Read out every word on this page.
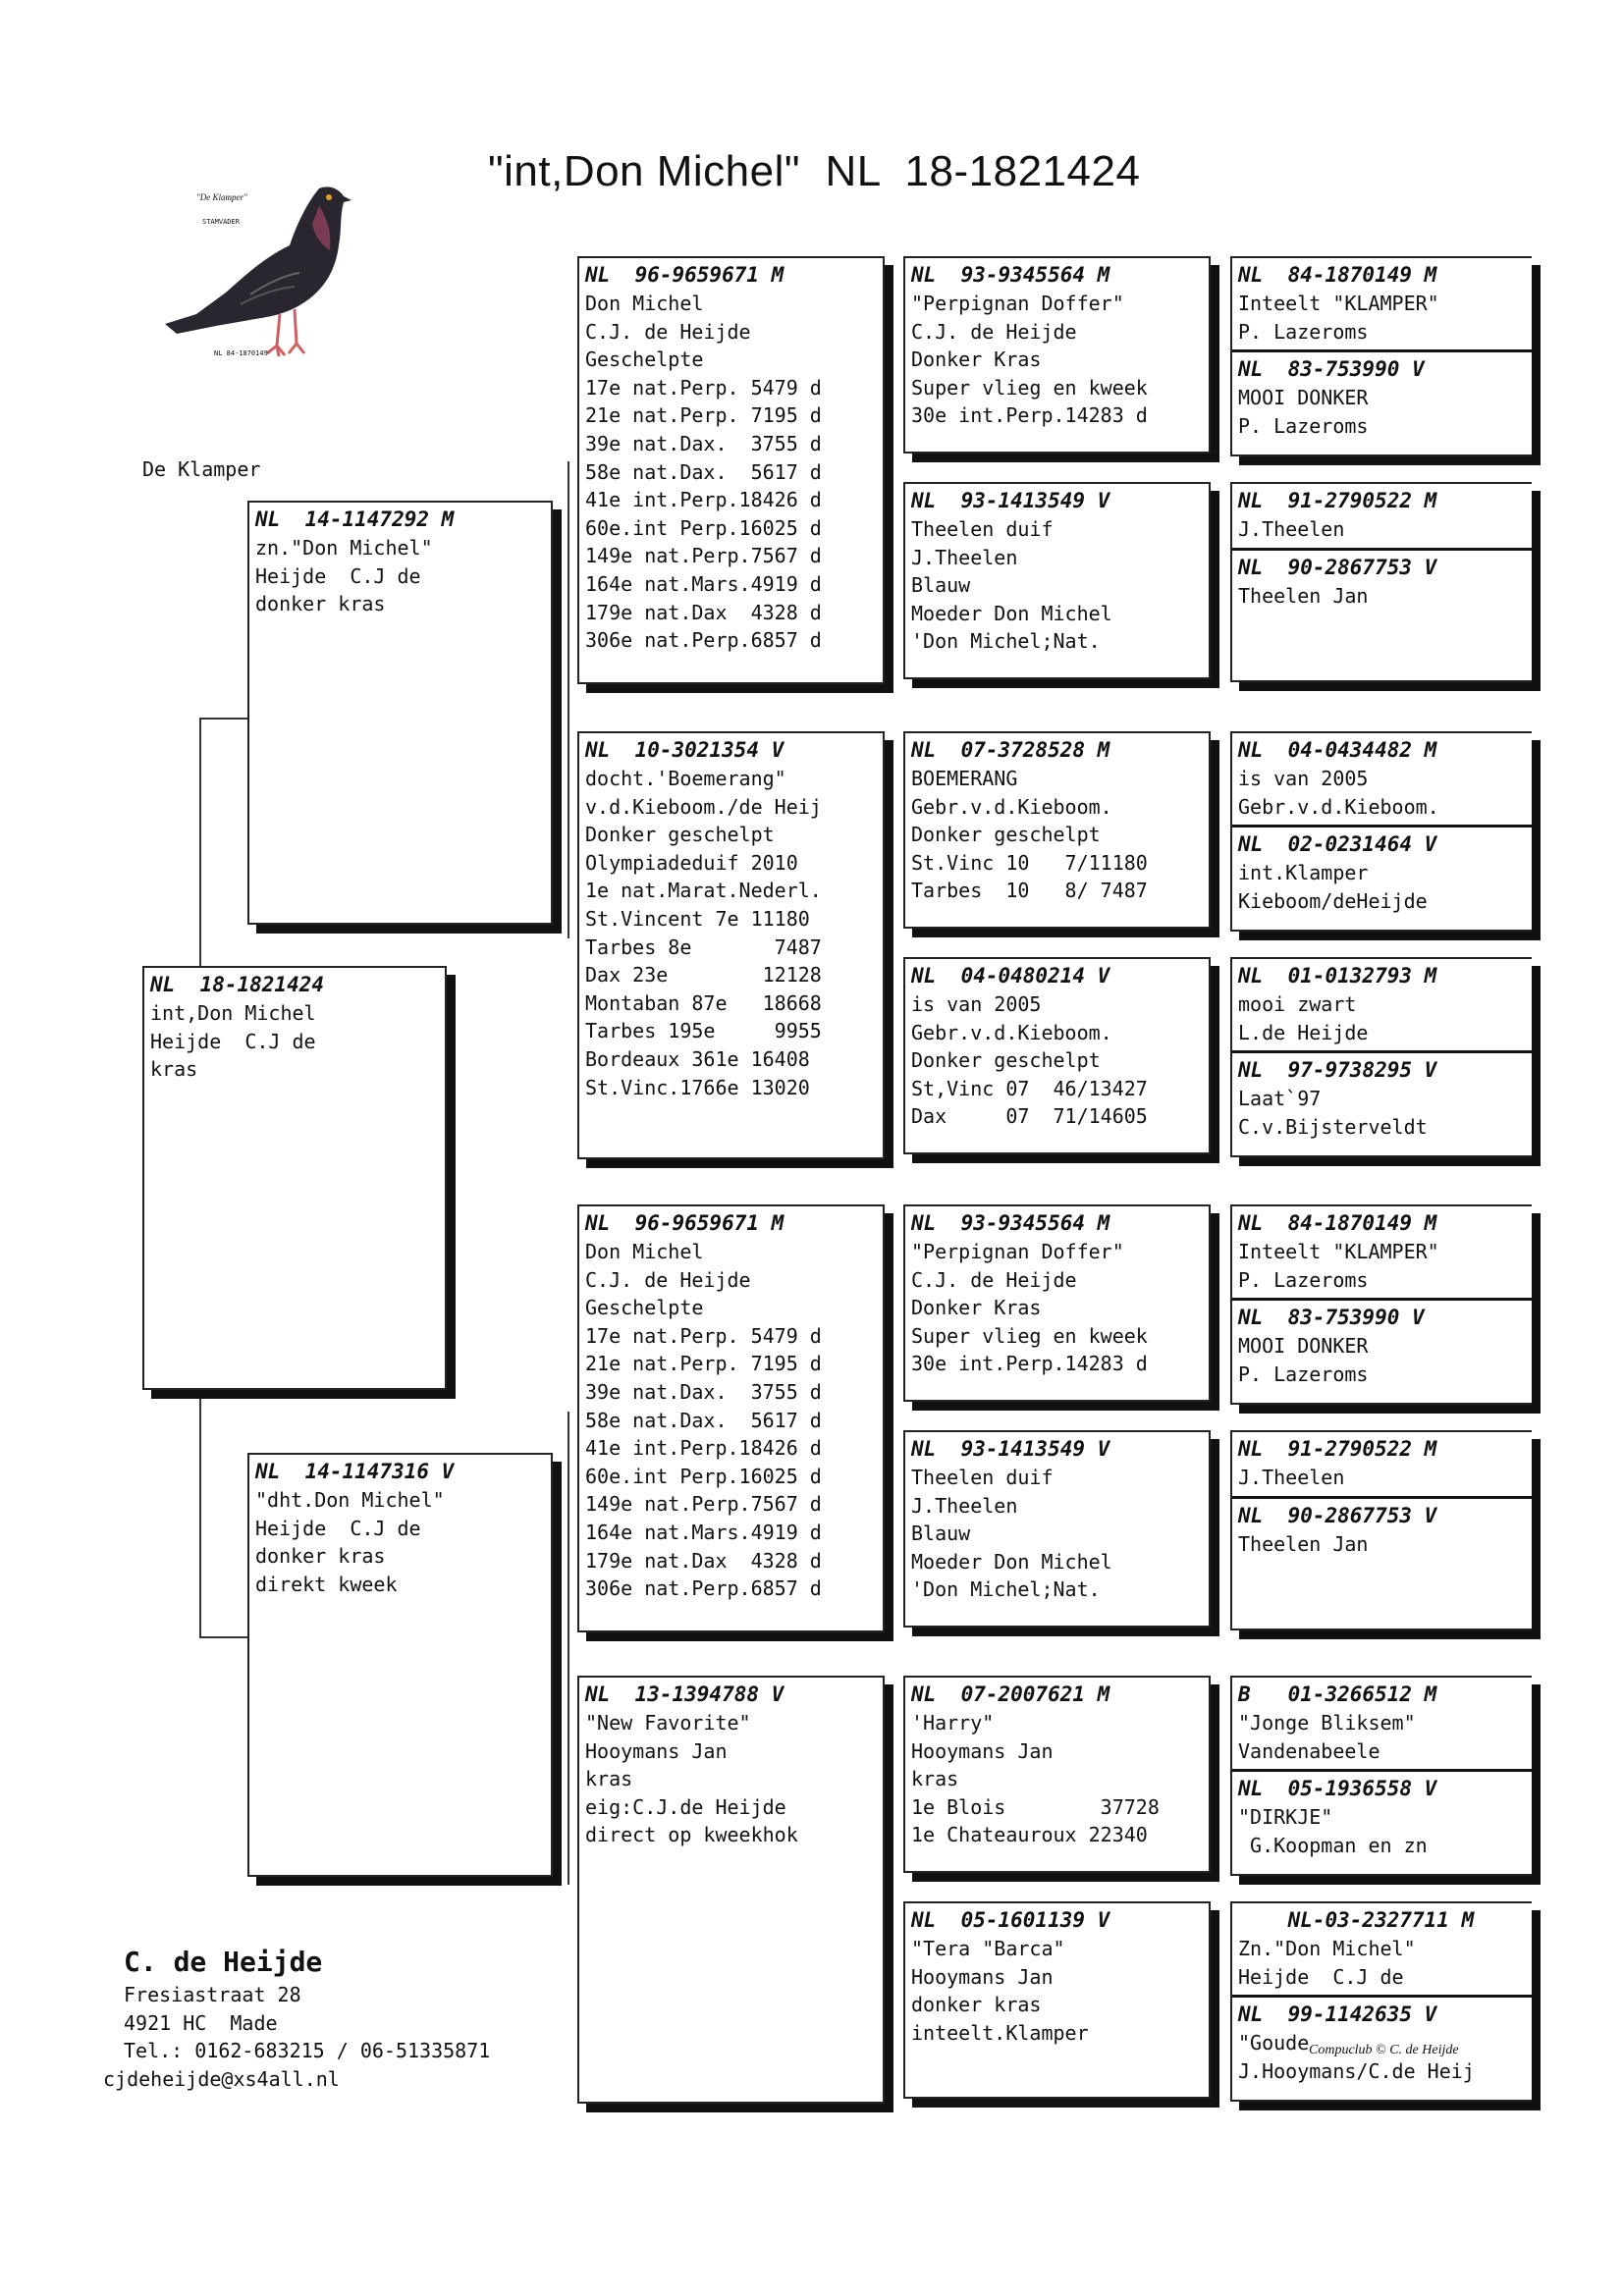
"int,Don Michel"  NL  18-1821424
"De Klamper"
STAMVADER
NL 84-1870149
De Klamper
NL  18-1821424
int,Don Michel
Heijde  C.J de
kras
NL  14-1147292 M
zn."Don Michel"
Heijde  C.J de
donker kras
NL  14-1147316 V
"dht.Don Michel"
Heijde  C.J de
donker kras
direkt kweek
NL  96-9659671 M
Don Michel
C.J. de Heijde
Geschelpte
17e nat.Perp. 5479 d
21e nat.Perp. 7195 d
39e nat.Dax.  3755 d
58e nat.Dax.  5617 d
41e int.Perp.18426 d
60e.int Perp.16025 d
149e nat.Perp.7567 d
164e nat.Mars.4919 d
179e nat.Dax  4328 d
306e nat.Perp.6857 d
NL  10-3021354 V
docht.'Boemerang"
v.d.Kieboom./de Heij
Donker geschelpt
Olympiadeduif 2010
1e nat.Marat.Nederl.
St.Vincent 7e 11180
Tarbes 8e       7487
Dax 23e        12128
Montaban 87e   18668
Tarbes 195e     9955
Bordeaux 361e 16408
St.Vinc.1766e 13020
NL  96-9659671 M
Don Michel
C.J. de Heijde
Geschelpte
17e nat.Perp. 5479 d
21e nat.Perp. 7195 d
39e nat.Dax.  3755 d
58e nat.Dax.  5617 d
41e int.Perp.18426 d
60e.int Perp.16025 d
149e nat.Perp.7567 d
164e nat.Mars.4919 d
179e nat.Dax  4328 d
306e nat.Perp.6857 d
NL  13-1394788 V
"New Favorite"
Hooymans Jan
kras
eig:C.J.de Heijde
direct op kweekhok
NL  93-9345564 M
"Perpignan Doffer"
C.J. de Heijde
Donker Kras
Super vlieg en kweek
30e int.Perp.14283 d
NL  93-1413549 V
Theelen duif
J.Theelen
Blauw
Moeder Don Michel
'Don Michel;Nat.
NL  07-3728528 M
BOEMERANG
Gebr.v.d.Kieboom.
Donker geschelpt
St.Vinc 10   7/11180
Tarbes  10   8/ 7487
NL  04-0480214 V
is van 2005
Gebr.v.d.Kieboom.
Donker geschelpt
St,Vinc 07  46/13427
Dax     07  71/14605
NL  93-9345564 M
"Perpignan Doffer"
C.J. de Heijde
Donker Kras
Super vlieg en kweek
30e int.Perp.14283 d
NL  93-1413549 V
Theelen duif
J.Theelen
Blauw
Moeder Don Michel
'Don Michel;Nat.
NL  07-2007621 M
'Harry"
Hooymans Jan
kras
1e Blois        37728
1e Chateauroux 22340
NL  05-1601139 V
"Tera "Barca"
Hooymans Jan
donker kras
inteelt.Klamper
NL  84-1870149 M
Inteelt "KLAMPER"
P. Lazeroms
NL  83-753990 V
MOOI DONKER
P. Lazeroms
NL  91-2790522 M
J.Theelen
NL  90-2867753 V
Theelen Jan
NL  04-0434482 M
is van 2005
Gebr.v.d.Kieboom.
NL  02-0231464 V
int.Klamper
Kieboom/deHeijde
NL  01-0132793 M
mooi zwart
L.de Heijde
NL  97-9738295 V
Laat`97
C.v.Bijsterveldt
NL  84-1870149 M
Inteelt "KLAMPER"
P. Lazeroms
NL  83-753990 V
MOOI DONKER
P. Lazeroms
NL  91-2790522 M
J.Theelen
NL  90-2867753 V
Theelen Jan
B   01-3266512 M
"Jonge Bliksem"
Vandenabeele
NL  05-1936558 V
"DIRKJE"
G.Koopman en zn
NL-03-2327711 M
Zn."Don Michel"
Heijde  C.J de
NL  99-1142635 V
"Goude
J.Hooymans/C.de Heij
Compuclub © C. de Heijde
C. de Heijde
Fresiastraat 28
4921 HC  Made
Tel.: 0162-683215 / 06-51335871
cjdeheijde@xs4all.nl
